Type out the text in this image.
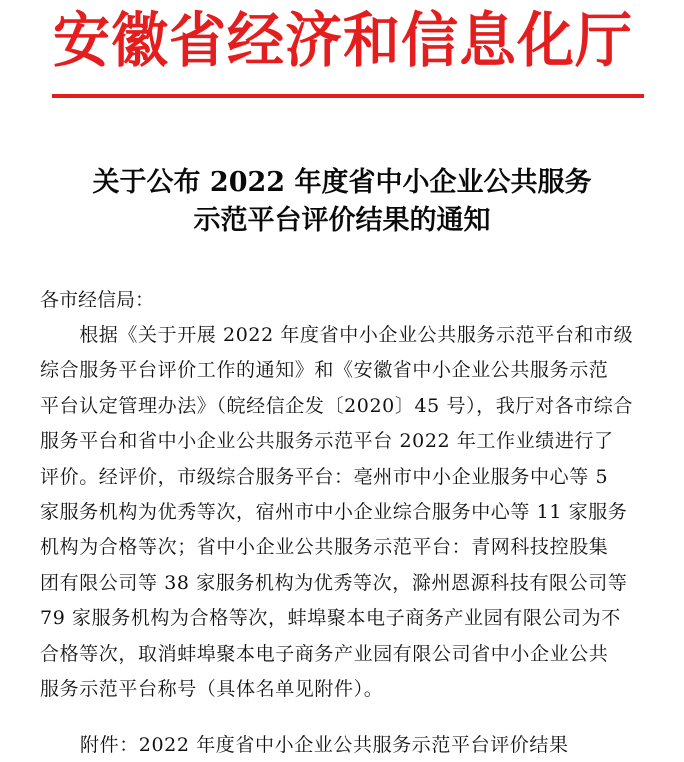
安徽省经济和信息化厅
关于公布 2022 年度省中小企业公共服务
示范平台评价结果的通知
各市经信局：
　　根据《关于开展 2022 年度省中小企业公共服务示范平台和市级
综合服务平台评价工作的通知》和《安徽省中小企业公共服务示范
平台认定管理办法》（皖经信企发〔2020〕45 号），我厅对各市综合
服务平台和省中小企业公共服务示范平台 2022 年工作业绩进行了
评价。经评价，市级综合服务平台：亳州市中小企业服务中心等 5
家服务机构为优秀等次，宿州市中小企业综合服务中心等 11 家服务
机构为合格等次；省中小企业公共服务示范平台：青网科技控股集
团有限公司等 38 家服务机构为优秀等次，滁州恩源科技有限公司等
79 家服务机构为合格等次，蚌埠聚本电子商务产业园有限公司为不
合格等次，取消蚌埠聚本电子商务产业园有限公司省中小企业公共
服务示范平台称号（具体名单见附件）。
附件：2022 年度省中小企业公共服务示范平台评价结果
